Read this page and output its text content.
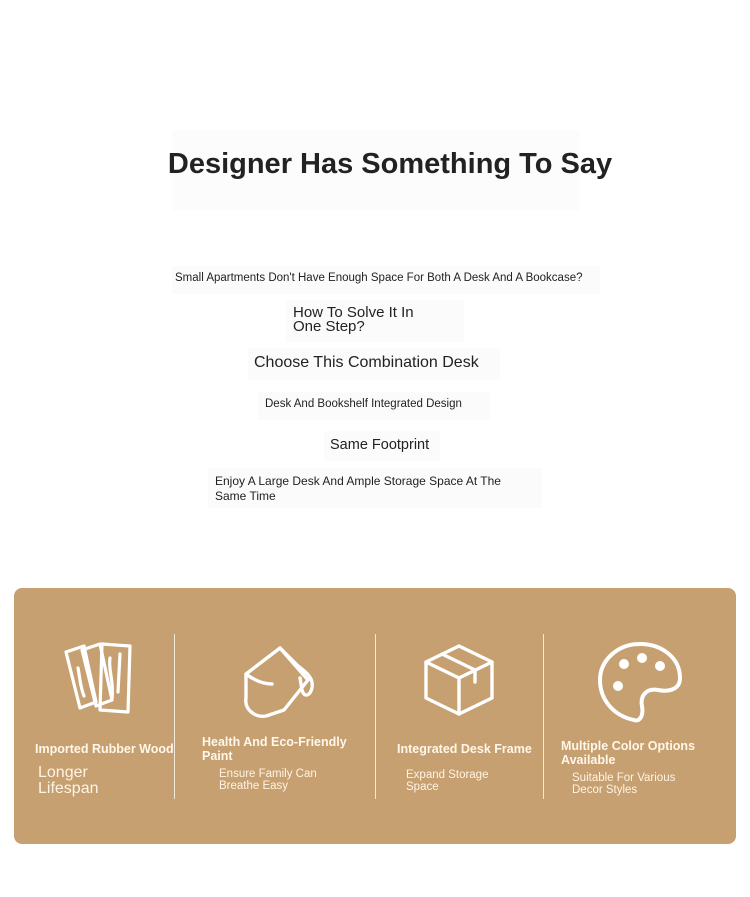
Designer Has Something To Say
Small Apartments Don't Have Enough Space For Both A Desk And A Bookcase?
How To Solve It In
One Step?
Choose This Combination Desk
Desk And Bookshelf Integrated Design
Same Footprint
Enjoy A Large Desk And Ample Storage Space At The
Same Time
Imported Rubber Wood
Longer
Lifespan
Health And Eco-Friendly
Paint
Ensure Family Can
Breathe Easy
Integrated Desk Frame
Expand Storage
Space
Multiple Color Options
Available
Suitable For Various
Decor Styles
